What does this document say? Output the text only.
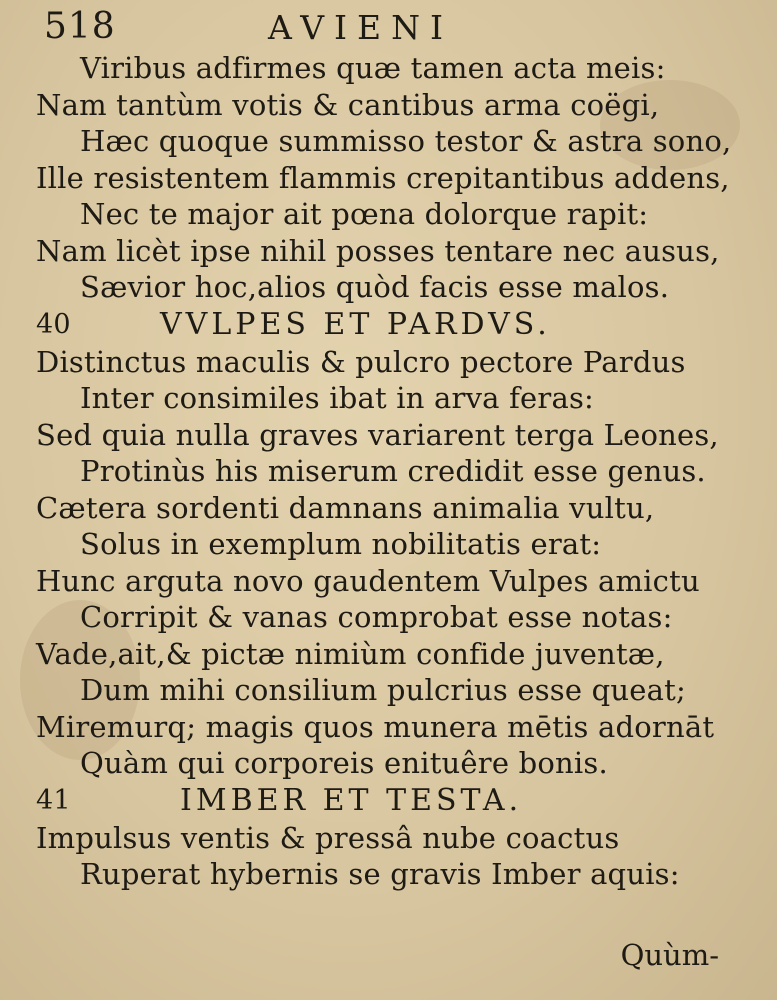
518	AVIENI
Viribus adfirmes quæ tamen acta meis:
Nam tantùm votis & cantibus arma coëgi,
Hæc quoque summisso testor & astra sono,
Ille resistentem flammis crepitantibus addens,
Nec te major ait pœna dolorque rapit:
Nam licèt ipse nihil posses tentare nec ausus,
Sævior hoc,alios quòd facis esse malos.
40	VVLPES ET PARDVS.
Distinctus maculis & pulcro pectore Pardus
Inter consimiles ibat in arva feras:
Sed quia nulla graves variarent terga Leones,
Protinùs his miserum credidit esse genus.
Cætera sordenti damnans animalia vultu,
Solus in exemplum nobilitatis erat:
Hunc arguta novo gaudentem Vulpes amictu
Corripit & vanas comprobat esse notas:
Vade,ait,& pictæ nimiùm confide juventæ,
Dum mihi consilium pulcrius esse queat;
Miremurq; magis quos munera mētis adornāt
Quàm qui corporeis enituêre bonis.
41	IMBER ET TESTA.
Impulsus ventis & pressâ nube coactus
Ruperat hybernis se gravis Imber aquis:
Quùm-
